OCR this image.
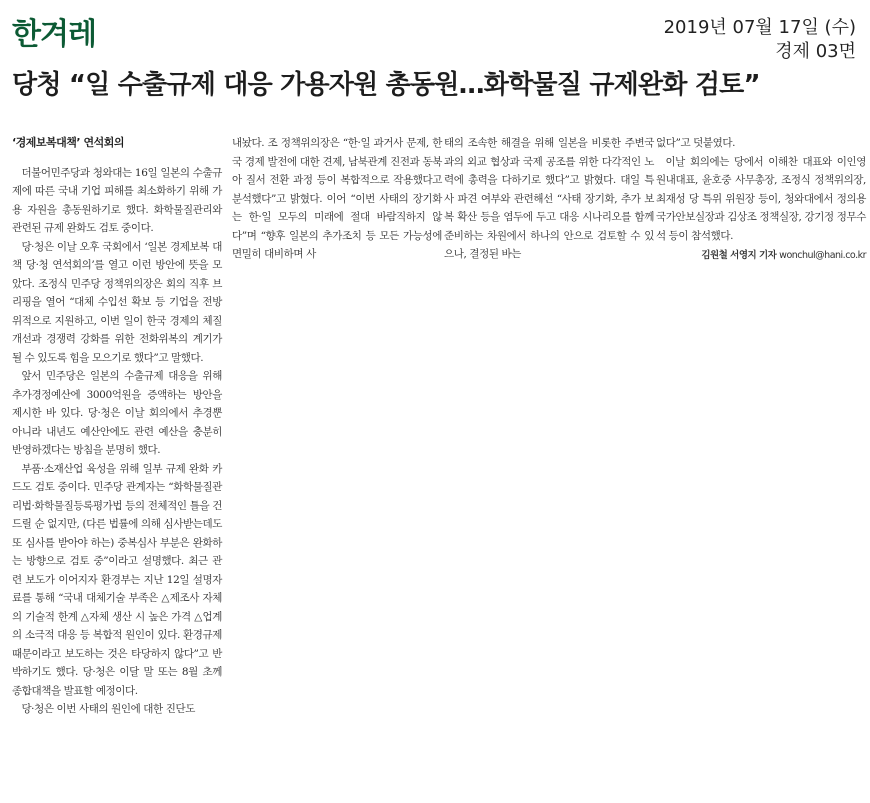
한겨레	2019년 07월 17일 (수)
경제 03면
당청 “일 수출규제 대응 가용자원 총동원…화학물질 규제완화 검토”
‘경제보복대책’ 연석회의

더불어민주당과 청와대는 16일 일본의 수출규제에 따른 국내 기업 피해를 최소화하기 위해 가용 자원을 총동원하기로 했다. 화학물질관리와 관련된 규제 완화도 검토 중이다.

당·청은 이날 오후 국회에서 ‘일본 경제보복 대책 당·청 연석회의’를 열고 이런 방안에 뜻을 모았다. 조정식 민주당 정책위의장은 회의 직후 브리핑을 열어 “대체 수입선 확보 등 기업을 전방위적으로 지원하고, 이번 일이 한국 경제의 체질 개선과 경쟁력 강화를 위한 전화위복의 계기가 될 수 있도록 힘을 모으기로 했다”고 말했다.

앞서 민주당은 일본의 수출규제 대응을 위해 추가경정예산에 3000억원을 증액하는 방안을 제시한 바 있다. 당·청은 이날 회의에서 추경뿐 아니라 내년도 예산안에도 관련 예산을 충분히 반영하겠다는 방침을 분명히 했다.

부품·소재산업 육성을 위해 일부 규제 완화 카드도 검토 중이다. 민주당 관계자는 “화학물질관리법·화학물질등록평가법 등의 전체적인 틀을 건드릴 순 없지만, (다른 법률에 의해 심사받는데도 또 심사를 받아야 하는) 중복심사 부분은 완화하는 방향으로 검토 중”이라고 설명했다. 최근 관련 보도가 이어지자 환경부는 지난 12일 설명자료를 통해 “국내 대체기술 부족은 △제조사 자체의 기술적 한계 △자체 생산 시 높은 가격 △업계의 소극적 대응 등 복합적 원인이 있다. 환경규제 때문이라고 보도하는 것은 타당하지 않다”고 반박하기도 했다. 당·청은 이달 말 또는 8월 초께 종합대책을 발표할 예정이다.

당·청은 이번 사태의 원인에 대한 진단도

내놨다. 조 정책위의장은 “한·일 과거사 문제, 한국 경제 발전에 대한 견제, 남북관계 진전과 동북아 질서 전환 과정 등이 복합적으로 작용했다고 분석했다”고 밝혔다. 이어 “이번 사태의 장기화는 한·일 모두의 미래에 절대 바람직하지 않다”며 “향후 일본의 추가조치 등 모든 가능성에 면밀히 대비하며 사

태의 조속한 해결을 위해 일본을 비롯한 주변국과의 외교 협상과 국제 공조를 위한 다각적인 노력에 총력을 다하기로 했다”고 밝혔다. 대일 특사 파견 여부와 관련해선 “사태 장기화, 추가 보복 확산 등을 염두에 두고 대응 시나리오를 함께 준비하는 차원에서 하나의 안으로 검토할 수 있으나, 결정된 바는

없다”고 덧붙였다.

이날 회의에는 당에서 이해찬 대표와 이인영 원내대표, 윤호중 사무총장, 조정식 정책위의장, 최재성 당 특위 위원장 등이, 청와대에서 정의용 국가안보실장과 김상조 정책실장, 강기정 정무수석 등이 참석했다.

김원철 서영지 기자 wonchul@hani.co.kr
